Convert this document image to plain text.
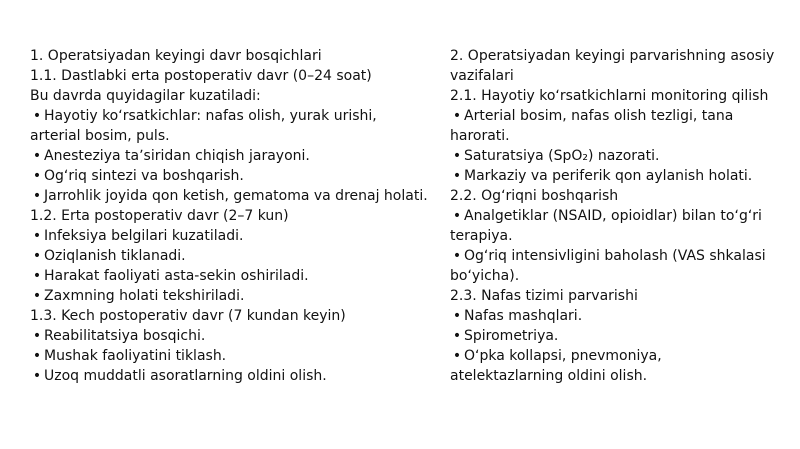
1. Operatsiyadan keyingi davr bosqichlari

1.1. Dastlabki erta postoperativ davr (0–24 soat)

Bu davrda quyidagilar kuzatiladi:

• Hayotiy koʻrsatkichlar: nafas olish, yurak urishi, arterial bosim, puls.

• Anesteziya taʼsiridan chiqish jarayoni.

• Ogʻriq sintezi va boshqarish.

• Jarrohlik joyida qon ketish, gematoma va drenaj holati.

1.2. Erta postoperativ davr (2–7 kun)

• Infeksiya belgilari kuzatiladi.

• Oziqlanish tiklanadi.

• Harakat faoliyati asta-sekin oshiriladi.

• Zaxmning holati tekshiriladi.

1.3. Kech postoperativ davr (7 kundan keyin)

• Reabilitatsiya bosqichi.

• Mushak faoliyatini tiklash.

• Uzoq muddatli asoratlarning oldini olish.

2. Operatsiyadan keyingi parvarishning asosiy vazifalari

2.1. Hayotiy koʻrsatkichlarni monitoring qilish

• Arterial bosim, nafas olish tezligi, tana harorati.

• Saturatsiya (SpO₂) nazorati.

• Markaziy va periferik qon aylanish holati.

2.2. Ogʻriqni boshqarish

• Analgetiklar (NSAID, opioidlar) bilan toʻgʻri terapiya.

• Ogʻriq intensivligini baholash (VAS shkalasi boʻyicha).

2.3. Nafas tizimi parvarishi

• Nafas mashqlari.

• Spirometriya.

• Oʻpka kollapsi, pnevmoniya, atelektazlarning oldini olish.
